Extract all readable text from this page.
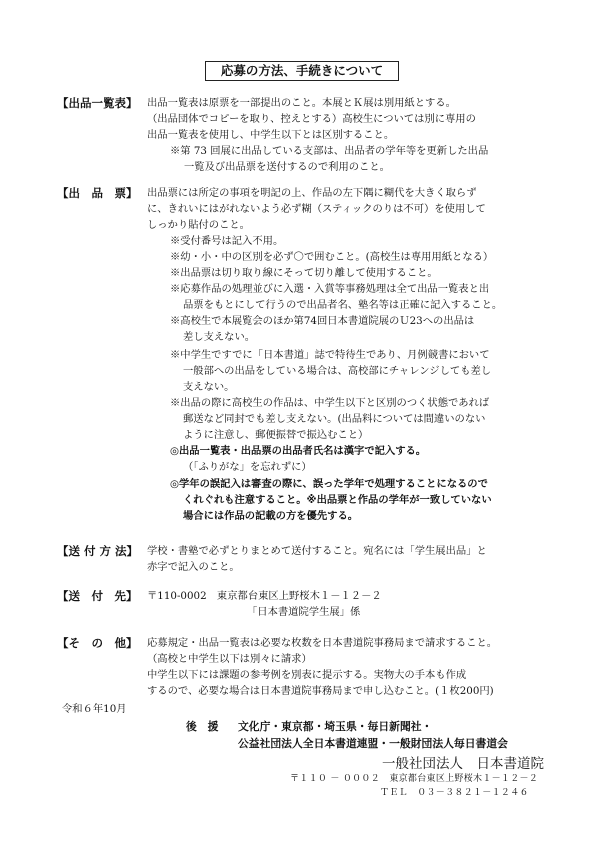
応募の方法、手続きについて
【出品一覧表】 出品一覧表は原票を一部提出のこと。本展とＫ展は別用紙とする。
（出品団体でコピーを取り、控えとする）高校生については別に専用の
出品一覧表を使用し、中学生以下とは区別すること。
※第 73 回展に出品している支部は、出品者の学年等を更新した出品
一覧及び出品票を送付するので利用のこと。
【出　品　票】 出品票には所定の事項を明記の上、作品の左下隅に糊代を大きく取らず
に、きれいにはがれないよう必ず糊（スティックのりは不可）を使用して
しっかり貼付のこと。
※受付番号は記入不用。
※幼・小・中の区別を必ず〇で囲むこと。(高校生は専用用紙となる）
※出品票は切り取り線にそって切り離して使用すること。
※応募作品の処理並びに入選・入賞等事務処理は全て出品一覧表と出
品票をもとにして行うので出品者名、塾名等は正確に記入すること。
※高校生で本展覧会のほか第74回日本書道院展のＵ23への出品は
差し支えない。
※中学生ですでに「日本書道」誌で特待生であり、月例競書において
一般部への出品をしている場合は、高校部にチャレンジしても差し
支えない。
※出品の際に高校生の作品は、中学生以下と区別のつく状態であれば
郵送など同封でも差し支えない。(出品料については間違いのない
ように注意し、郵便振替で振込むこと）
◎出品一覧表・出品票の出品者氏名は漢字で記入する。
（「ふりがな」を忘れずに）
◎学年の誤記入は審査の際に、誤った学年で処理することになるので
くれぐれも注意すること。※出品票と作品の学年が一致していない
場合には作品の記載の方を優先する。
【送 付 方 法】 学校・書塾で必ずとりまとめて送付すること。宛名には「学生展出品」と
赤字で記入のこと。
【送　付　先】 〒110-0002　東京都台東区上野桜木１－１２－２
「日本書道院学生展」係
【そ　の　他】 応募規定・出品一覧表は必要な枚数を日本書道院事務局まで請求すること。
（高校と中学生以下は別々に請求）
中学生以下には課題の参考例を別表に提示する。実物大の手本も作成
するので、必要な場合は日本書道院事務局まで申し込むこと。(１枚200円)
令和６年10月
後　援 文化庁・東京都・埼玉県・毎日新聞社・
公益社団法人全日本書道連盟・一般財団法人毎日書道会
一般社団法人　日本書道院
〒１１０ － ０００２　東京都台東区上野桜木１－１２－２
ＴＥＬ　０３－３８２１－１２４６
